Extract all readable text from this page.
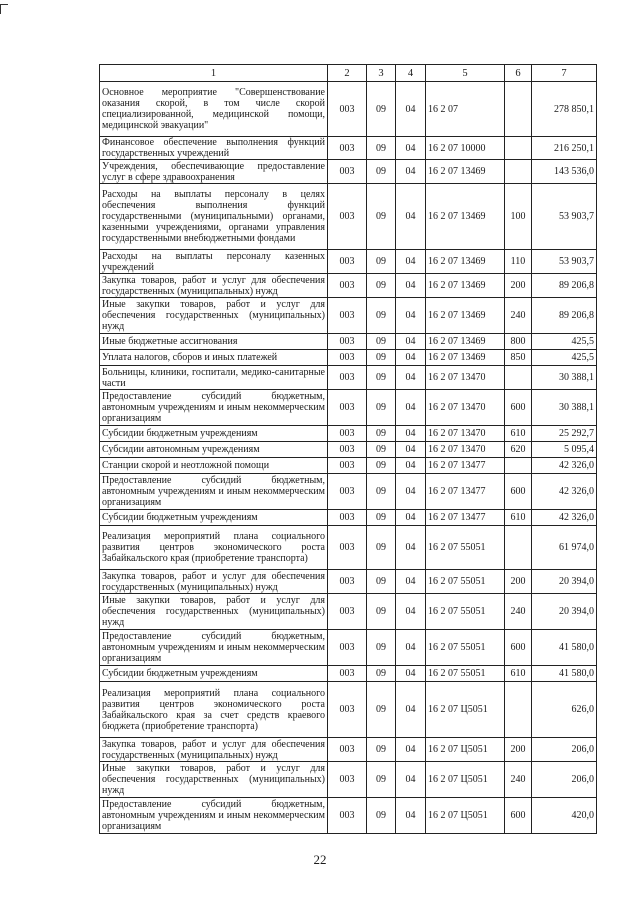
1	2	3	4	5	6	7
Основное мероприятие "Совершенствование оказания скорой, в том числе скорой специализированной, медицинской помощи, медицинской эвакуации"	003	09	04	16 2 07		278 850,1
Финансовое обеспечение выполнения функций государственных учреждений	003	09	04	16 2 07 10000		216 250,1
Учреждения, обеспечивающие предоставление услуг в сфере здравоохранения	003	09	04	16 2 07 13469		143 536,0
Расходы на выплаты персоналу в целях обеспечения выполнения функций государственными (муниципальными) органами, казенными учреждениями, органами управления государственными внебюджетными фондами	003	09	04	16 2 07 13469	100	53 903,7
Расходы на выплаты персоналу казенных учреждений	003	09	04	16 2 07 13469	110	53 903,7
Закупка товаров, работ и услуг для обеспечения государственных (муниципальных) нужд	003	09	04	16 2 07 13469	200	89 206,8
Иные закупки товаров, работ и услуг для обеспечения государственных (муниципальных) нужд	003	09	04	16 2 07 13469	240	89 206,8
Иные бюджетные ассигнования	003	09	04	16 2 07 13469	800	425,5
Уплата налогов, сборов и иных платежей	003	09	04	16 2 07 13469	850	425,5
Больницы, клиники, госпитали, медико-санитарные части	003	09	04	16 2 07 13470		30 388,1
Предоставление субсидий бюджетным, автономным учреждениям и иным некоммерческим организациям	003	09	04	16 2 07 13470	600	30 388,1
Субсидии бюджетным учреждениям	003	09	04	16 2 07 13470	610	25 292,7
Субсидии автономным учреждениям	003	09	04	16 2 07 13470	620	5 095,4
Станции скорой и неотложной помощи	003	09	04	16 2 07 13477		42 326,0
Предоставление субсидий бюджетным, автономным учреждениям и иным некоммерческим организациям	003	09	04	16 2 07 13477	600	42 326,0
Субсидии бюджетным учреждениям	003	09	04	16 2 07 13477	610	42 326,0
Реализация мероприятий плана социального развития центров экономического роста Забайкальского края (приобретение транспорта)	003	09	04	16 2 07 55051		61 974,0
Закупка товаров, работ и услуг для обеспечения государственных (муниципальных) нужд	003	09	04	16 2 07 55051	200	20 394,0
Иные закупки товаров, работ и услуг для обеспечения государственных (муниципальных) нужд	003	09	04	16 2 07 55051	240	20 394,0
Предоставление субсидий бюджетным, автономным учреждениям и иным некоммерческим организациям	003	09	04	16 2 07 55051	600	41 580,0
Субсидии бюджетным учреждениям	003	09	04	16 2 07 55051	610	41 580,0
Реализация мероприятий плана социального развития центров экономического роста Забайкальского края за счет средств краевого бюджета (приобретение транспорта)	003	09	04	16 2 07 Ц5051		626,0
Закупка товаров, работ и услуг для обеспечения государственных (муниципальных) нужд	003	09	04	16 2 07 Ц5051	200	206,0
Иные закупки товаров, работ и услуг для обеспечения государственных (муниципальных) нужд	003	09	04	16 2 07 Ц5051	240	206,0
Предоставление субсидий бюджетным, автономным учреждениям и иным некоммерческим организациям	003	09	04	16 2 07 Ц5051	600	420,0
22
